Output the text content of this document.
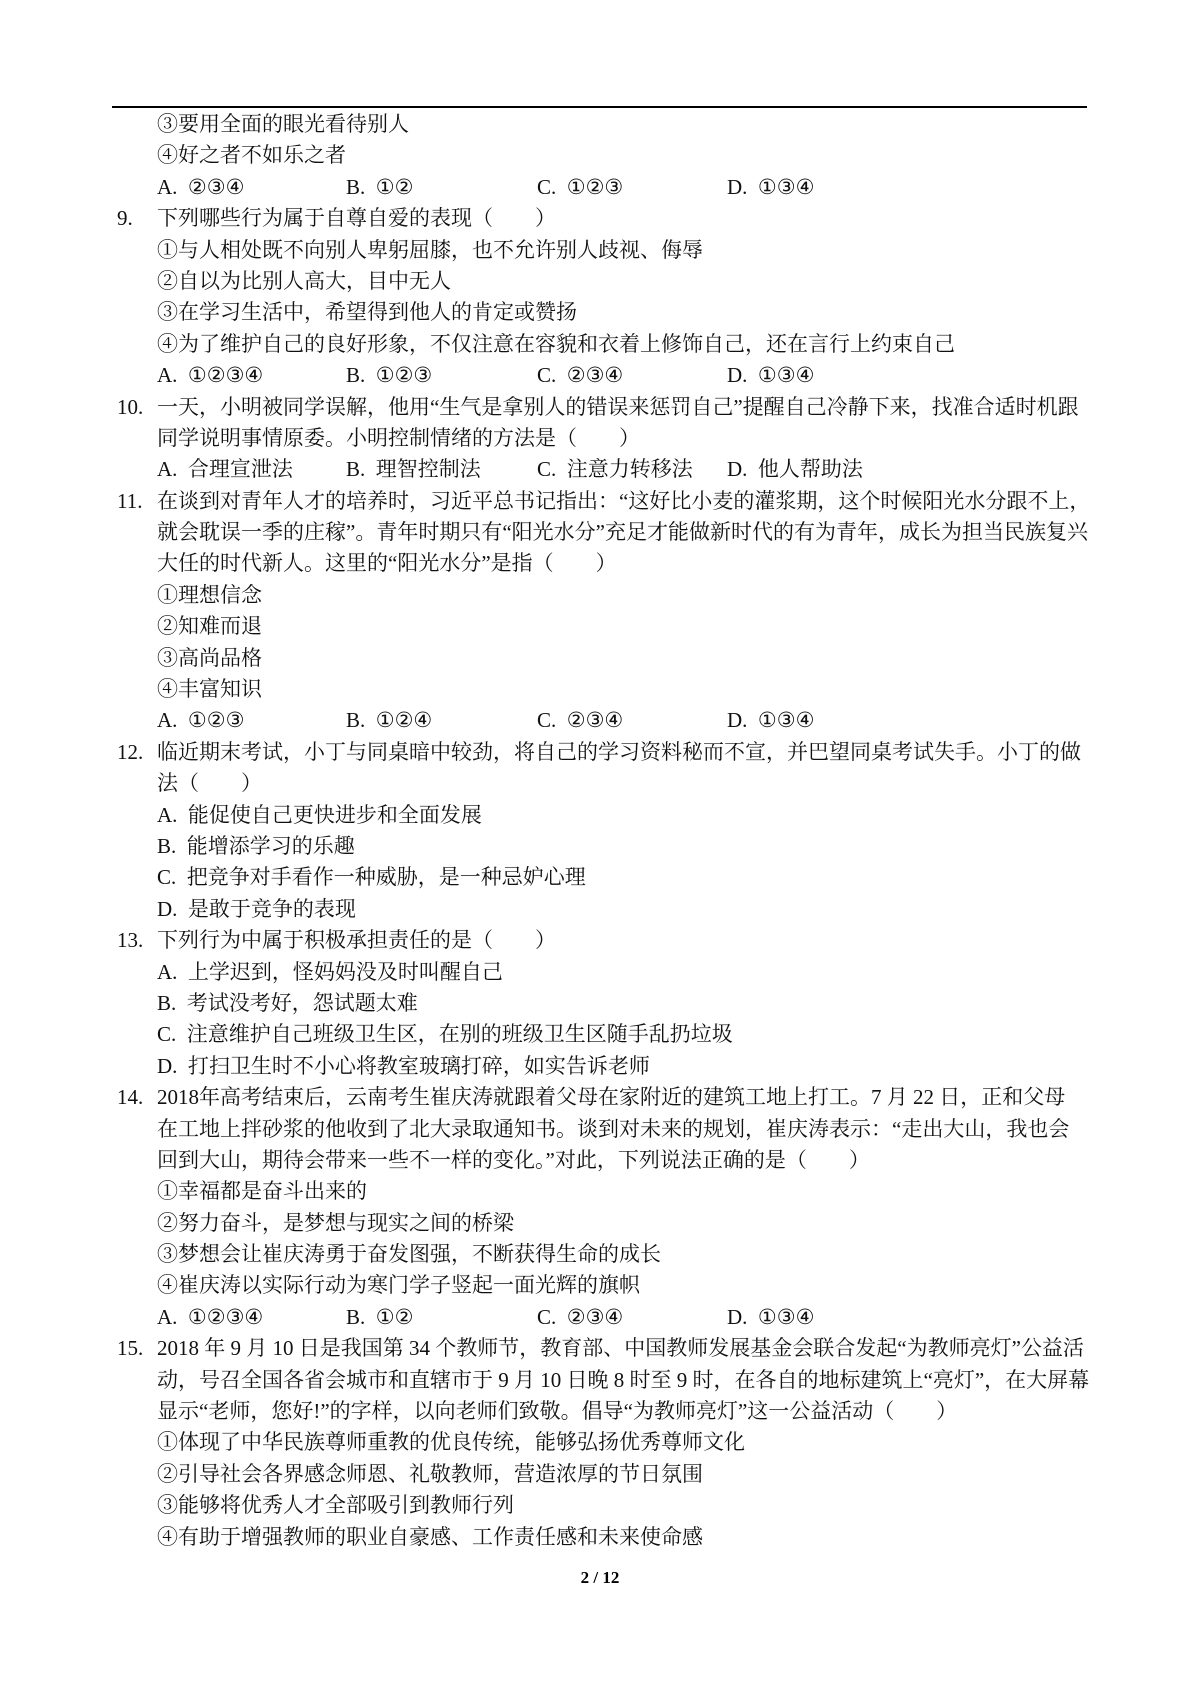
③要用全面的眼光看待别人
④好之者不如乐之者
A. ②③④	B. ①②	C. ①②③	D. ①③④
9. 下列哪些行为属于自尊自爱的表现（　　）
①与人相处既不向别人卑躬屈膝，也不允许别人歧视、侮辱
②自以为比别人高大，目中无人
③在学习生活中，希望得到他人的肯定或赞扬
④为了维护自己的良好形象，不仅注意在容貌和衣着上修饰自己，还在言行上约束自己
A. ①②③④	B. ①②③	C. ②③④	D. ①③④
10. 一天，小明被同学误解，他用“生气是拿别人的错误来惩罚自己”提醒自己冷静下来，找准合适时机跟
同学说明事情原委。小明控制情绪的方法是（　　）
A. 合理宣泄法	B. 理智控制法	C. 注意力转移法 D. 他人帮助法
11. 在谈到对青年人才的培养时，习近平总书记指出：“这好比小麦的灌浆期，这个时候阳光水分跟不上，
就会耽误一季的庄稼”。青年时期只有“阳光水分”充足才能做新时代的有为青年，成长为担当民族复兴
大任的时代新人。这里的“阳光水分”是指（　　）
①理想信念
②知难而退
③高尚品格
④丰富知识
A. ①②③	B. ①②④	C. ②③④	D. ①③④
12. 临近期末考试，小丁与同桌暗中较劲，将自己的学习资料秘而不宣，并巴望同桌考试失手。小丁的做
法（　　）
A. 能促使自己更快进步和全面发展
B. 能增添学习的乐趣
C. 把竞争对手看作一种威胁，是一种忌妒心理
D. 是敢于竞争的表现
13. 下列行为中属于积极承担责任的是（　　）
A. 上学迟到，怪妈妈没及时叫醒自己
B. 考试没考好，怨试题太难
C. 注意维护自己班级卫生区，在别的班级卫生区随手乱扔垃圾
D. 打扫卫生时不小心将教室玻璃打碎，如实告诉老师
14. 2018年高考结束后，云南考生崔庆涛就跟着父母在家附近的建筑工地上打工。7 月 22 日，正和父母
在工地上拌砂浆的他收到了北大录取通知书。谈到对未来的规划，崔庆涛表示：“走出大山，我也会
回到大山，期待会带来一些不一样的变化。”对此，下列说法正确的是（　　）
①幸福都是奋斗出来的
②努力奋斗，是梦想与现实之间的桥梁
③梦想会让崔庆涛勇于奋发图强，不断获得生命的成长
④崔庆涛以实际行动为寒门学子竖起一面光辉的旗帜
A. ①②③④	B. ①②	C. ②③④	D. ①③④
15. 2018 年 9 月 10 日是我国第 34 个教师节，教育部、中国教师发展基金会联合发起“为教师亮灯”公益活
动，号召全国各省会城市和直辖市于 9 月 10 日晚 8 时至 9 时，在各自的地标建筑上“亮灯”，在大屏幕
显示“老师，您好!”的字样，以向老师们致敬。倡导“为教师亮灯”这一公益活动（　　）
①体现了中华民族尊师重教的优良传统，能够弘扬优秀尊师文化
②引导社会各界感念师恩、礼敬教师，营造浓厚的节日氛围
③能够将优秀人才全部吸引到教师行列
④有助于增强教师的职业自豪感、工作责任感和未来使命感
2 / 12
